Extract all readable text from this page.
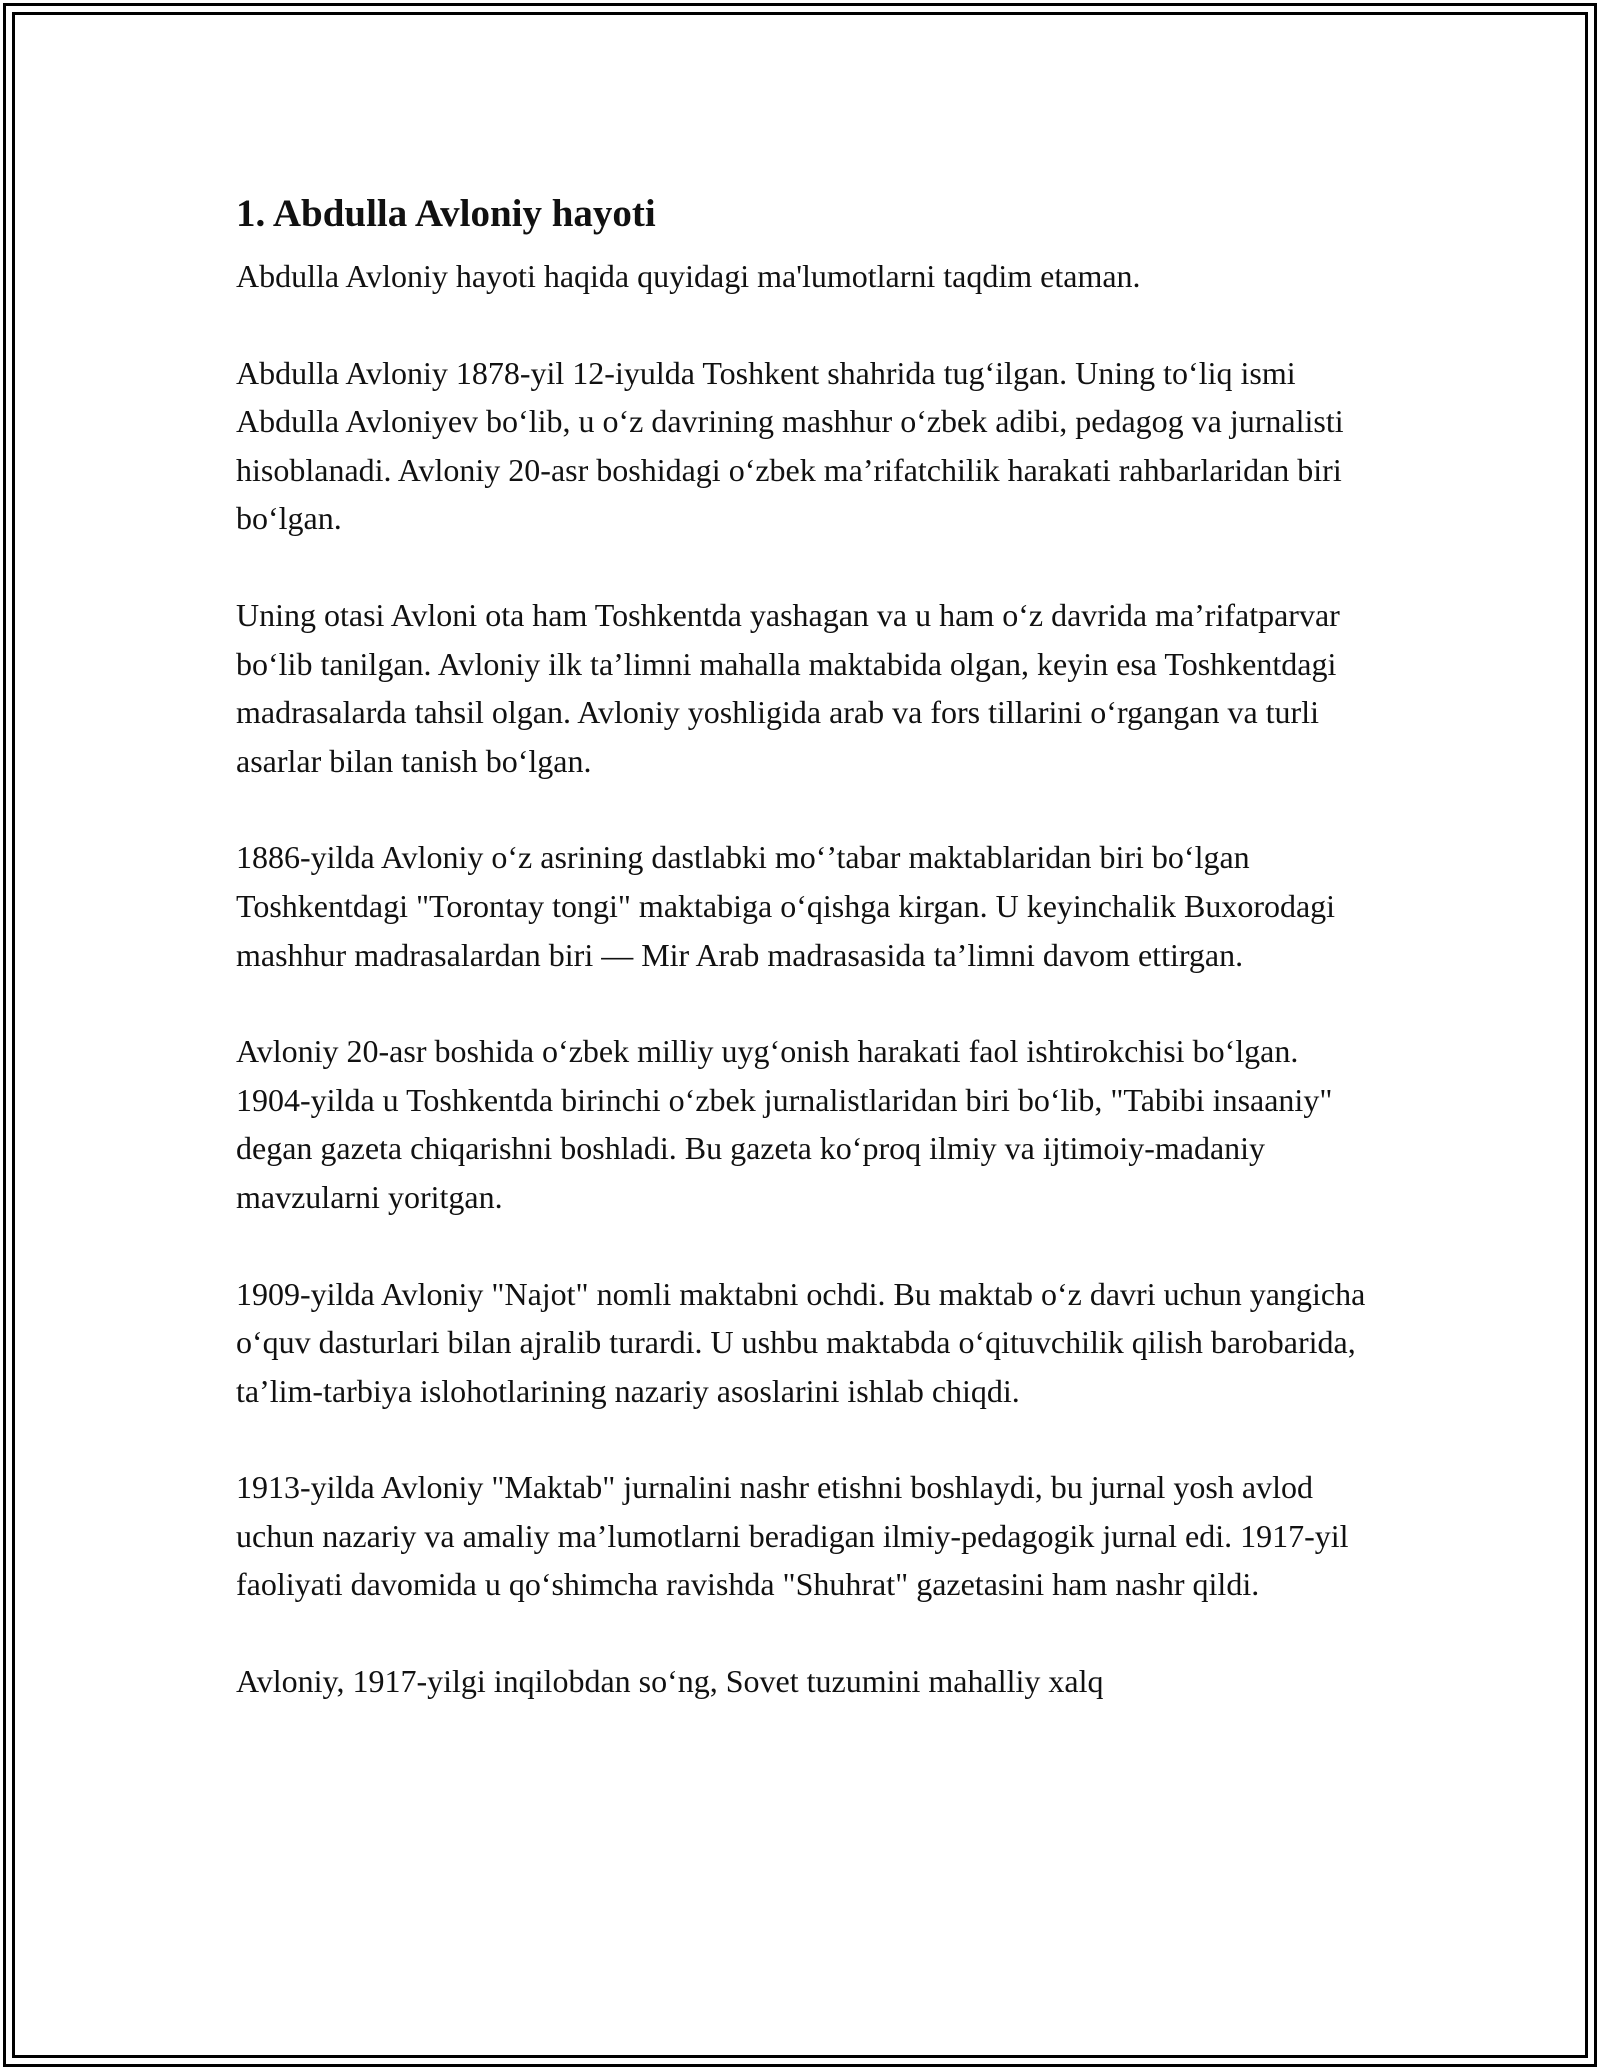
1. Abdulla Avloniy hayoti

Abdulla Avloniy hayoti haqida quyidagi ma'lumotlarni taqdim etaman.

Abdulla Avloniy 1878-yil 12-iyulda Toshkent shahrida tug‘ilgan. Uning to‘liq ismi Abdulla Avloniyev bo‘lib, u o‘z davrining mashhur o‘zbek adibi, pedagog va jurnalisti hisoblanadi. Avloniy 20-asr boshidagi o‘zbek ma’rifatchilik harakati rahbarlaridan biri bo‘lgan.

Uning otasi Avloni ota ham Toshkentda yashagan va u ham o‘z davrida ma’rifatparvar bo‘lib tanilgan. Avloniy ilk ta’limni mahalla maktabida olgan, keyin esa Toshkentdagi madrasalarda tahsil olgan. Avloniy yoshligida arab va fors tillarini o‘rgangan va turli asarlar bilan tanish bo‘lgan.

1886-yilda Avloniy o‘z asrining dastlabki mo‘’tabar maktablaridan biri bo‘lgan Toshkentdagi "Torontay tongi" maktabiga o‘qishga kirgan. U keyinchalik Buxorodagi mashhur madrasalardan biri — Mir Arab madrasasida ta’limni davom ettirgan.

Avloniy 20-asr boshida o‘zbek milliy uyg‘onish harakati faol ishtirokchisi bo‘lgan. 1904-yilda u Toshkentda birinchi o‘zbek jurnalistlaridan biri bo‘lib, "Tabibi insaaniy" degan gazeta chiqarishni boshladi. Bu gazeta ko‘proq ilmiy va ijtimoiy-madaniy mavzularni yoritgan.

1909-yilda Avloniy "Najot" nomli maktabni ochdi. Bu maktab o‘z davri uchun yangicha o‘quv dasturlari bilan ajralib turardi. U ushbu maktabda o‘qituvchilik qilish barobarida, ta’lim-tarbiya islohotlarining nazariy asoslarini ishlab chiqdi.

1913-yilda Avloniy "Maktab" jurnalini nashr etishni boshlaydi, bu jurnal yosh avlod uchun nazariy va amaliy ma’lumotlarni beradigan ilmiy-pedagogik jurnal edi. 1917-yil faoliyati davomida u qo‘shimcha ravishda "Shuhrat" gazetasini ham nashr qildi.

Avloniy, 1917-yilgi inqilobdan so‘ng, Sovet tuzumini mahalliy xalq
